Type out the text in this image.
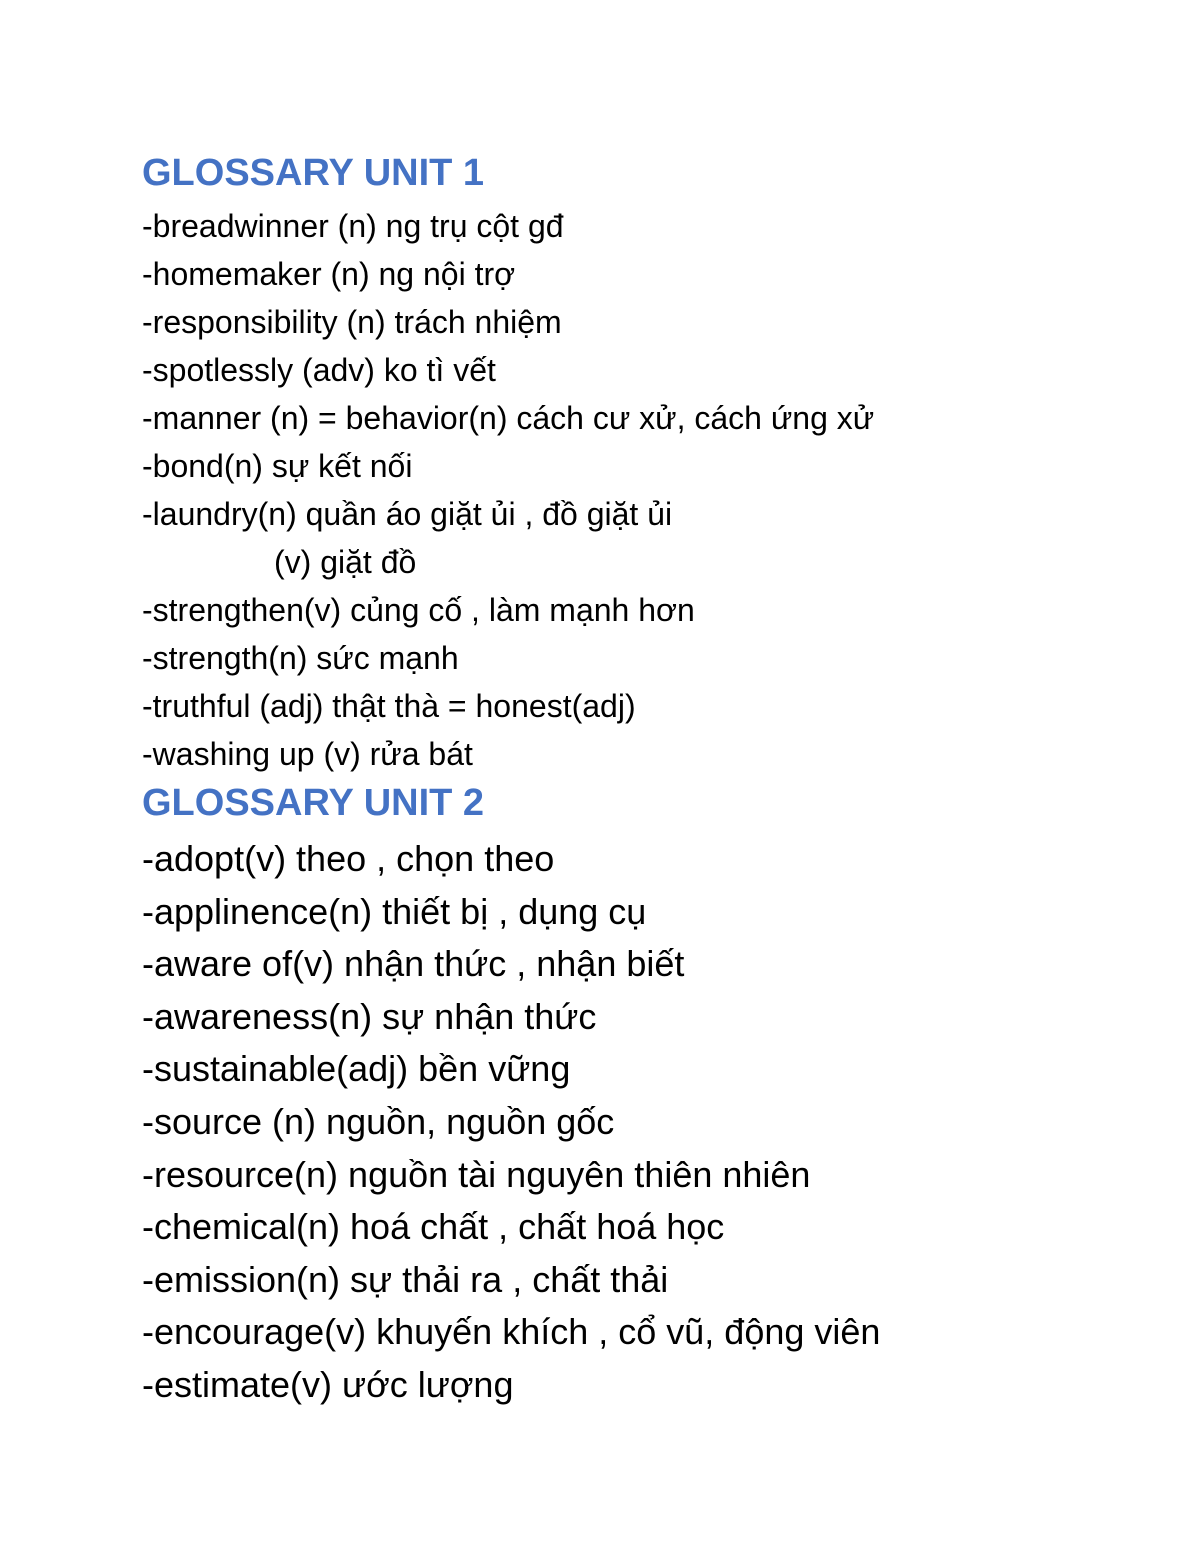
GLOSSARY UNIT 1
-breadwinner (n) ng trụ cột gđ
-homemaker (n) ng nội trợ
-responsibility (n) trách nhiệm
-spotlessly (adv) ko tì vết
-manner (n) = behavior(n) cách cư xử, cách ứng xử
-bond(n) sự kết nối
-laundry(n) quần áo giặt ủi , đồ giặt ủi
(v) giặt đồ
-strengthen(v) củng cố , làm mạnh hơn
-strength(n) sức mạnh
-truthful (adj) thật thà = honest(adj)
-washing up (v) rửa bát
GLOSSARY UNIT 2
-adopt(v) theo , chọn theo
-applinence(n) thiết bị , dụng cụ
-aware of(v) nhận thức , nhận biết
-awareness(n) sự nhận thức
-sustainable(adj) bền vững
-source (n) nguồn, nguồn gốc
-resource(n) nguồn tài nguyên thiên nhiên
-chemical(n) hoá chất , chất hoá học
-emission(n) sự thải ra , chất thải
-encourage(v) khuyến khích , cổ vũ, động viên
-estimate(v) ước lượng
